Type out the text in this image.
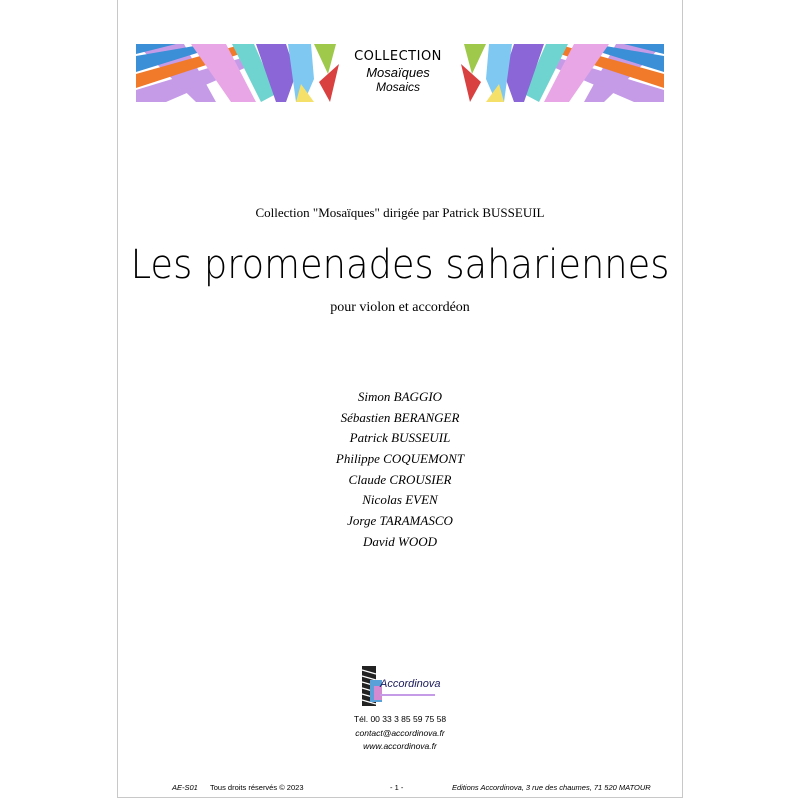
COLLECTION
Mosaïques
Mosaics
Collection "Mosaïques" dirigée par Patrick BUSSEUIL
Les promenades sahariennes
pour violon et accordéon
Simon BAGGIO
Sébastien BERANGER
Patrick BUSSEUIL
Philippe COQUEMONT
Claude CROUSIER
Nicolas EVEN
Jorge TARAMASCO
David WOOD
Accordinova
Tél. 00 33 3 85 59 75 58
contact@accordinova.fr
www.accordinova.fr
AE-S01 Tous droits réservés © 2023	- 1 -	Editions Accordinova, 3 rue des chaumes, 71 520 MATOUR
